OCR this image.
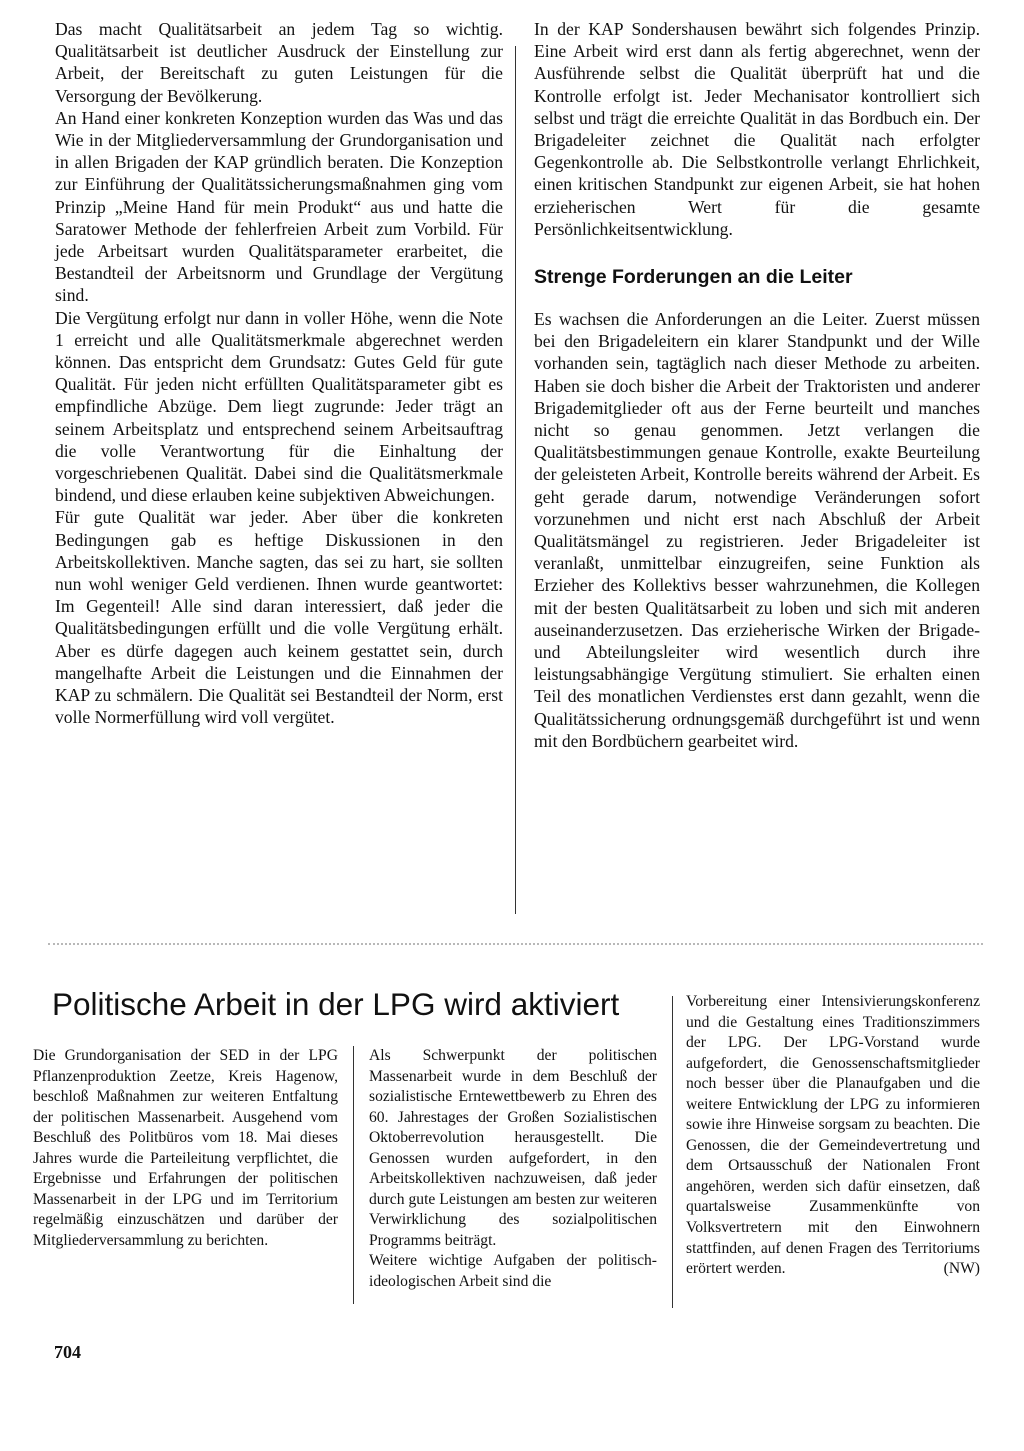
Das macht Qualitätsarbeit an jedem Tag so wichtig. Qualitätsarbeit ist deutlicher Ausdruck der Einstellung zur Arbeit, der Bereitschaft zu guten Leistungen für die Versorgung der Bevölkerung.

An Hand einer konkreten Konzeption wurden das Was und das Wie in der Mitgliederversammlung der Grundorganisation und in allen Brigaden der KAP gründlich beraten. Die Konzeption zur Einführung der Qualitätssicherungsmaßnahmen ging vom Prinzip „Meine Hand für mein Produkt“ aus und hatte die Saratower Methode der fehlerfreien Arbeit zum Vorbild. Für jede Arbeitsart wurden Qualitätsparameter erarbeitet, die Bestandteil der Arbeitsnorm und Grundlage der Vergütung sind.

Die Vergütung erfolgt nur dann in voller Höhe, wenn die Note 1 erreicht und alle Qualitätsmerkmale abgerechnet werden können. Das entspricht dem Grundsatz: Gutes Geld für gute Qualität. Für jeden nicht erfüllten Qualitätsparameter gibt es empfindliche Abzüge. Dem liegt zugrunde: Jeder trägt an seinem Arbeitsplatz und entsprechend seinem Arbeitsauftrag die volle Verantwortung für die Einhaltung der vorgeschriebenen Qualität. Dabei sind die Qualitätsmerkmale bindend, und diese erlauben keine subjektiven Abweichungen.

Für gute Qualität war jeder. Aber über die konkreten Bedingungen gab es heftige Diskussionen in den Arbeitskollektiven. Manche sagten, das sei zu hart, sie sollten nun wohl weniger Geld verdienen. Ihnen wurde geantwortet: Im Gegenteil! Alle sind daran interessiert, daß jeder die Qualitätsbedingungen erfüllt und die volle Vergütung erhält. Aber es dürfe dagegen auch keinem gestattet sein, durch mangelhafte Arbeit die Leistungen und die Einnahmen der KAP zu schmälern. Die Qualität sei Bestandteil der Norm, erst volle Normerfüllung wird voll vergütet.

In der KAP Sondershausen bewährt sich folgendes Prinzip. Eine Arbeit wird erst dann als fertig abgerechnet, wenn der Ausführende selbst die Qualität überprüft hat und die Kontrolle erfolgt ist. Jeder Mechanisator kontrolliert sich selbst und trägt die erreichte Qualität in das Bordbuch ein. Der Brigadeleiter zeichnet die Qualität nach erfolgter Gegenkontrolle ab. Die Selbstkontrolle verlangt Ehrlichkeit, einen kritischen Standpunkt zur eigenen Arbeit, sie hat hohen erzieherischen Wert für die gesamte Persönlichkeitsentwicklung.

Strenge Forderungen an die Leiter

Es wachsen die Anforderungen an die Leiter. Zuerst müssen bei den Brigadeleitern ein klarer Standpunkt und der Wille vorhanden sein, tagtäglich nach dieser Methode zu arbeiten. Haben sie doch bisher die Arbeit der Traktoristen und anderer Brigademitglieder oft aus der Ferne beurteilt und manches nicht so genau genommen. Jetzt verlangen die Qualitätsbestimmungen genaue Kontrolle, exakte Beurteilung der geleisteten Arbeit, Kontrolle bereits während der Arbeit. Es geht gerade darum, notwendige Veränderungen sofort vorzunehmen und nicht erst nach Abschluß der Arbeit Qualitätsmängel zu registrieren. Jeder Brigadeleiter ist veranlaßt, unmittelbar einzugreifen, seine Funktion als Erzieher des Kollektivs besser wahrzunehmen, die Kollegen mit der besten Qualitätsarbeit zu loben und sich mit anderen auseinanderzusetzen. Das erzieherische Wirken der Brigade- und Abteilungsleiter wird wesentlich durch ihre leistungsabhängige Vergütung stimuliert. Sie erhalten einen Teil des monatlichen Verdienstes erst dann gezahlt, wenn die Qualitätssicherung ordnungsgemäß durchgeführt ist und wenn mit den Bordbüchern gearbeitet wird.

Politische Arbeit in der LPG wird aktiviert

Die Grundorganisation der SED in der LPG Pflanzenproduktion Zeetze, Kreis Hagenow, beschloß Maßnahmen zur weiteren Entfaltung der politischen Massenarbeit. Ausgehend vom Beschluß des Politbüros vom 18. Mai dieses Jahres wurde die Parteileitung verpflichtet, die Ergebnisse und Erfahrungen der politischen Massenarbeit in der LPG und im Territorium regelmäßig einzuschätzen und darüber der Mitgliederversammlung zu berichten.

Als Schwerpunkt der politischen Massenarbeit wurde in dem Beschluß der sozialistische Erntewettbewerb zu Ehren des 60. Jahrestages der Großen Sozialistischen Oktoberrevolution herausgestellt. Die Genossen wurden aufgefordert, in den Arbeitskollektiven nachzuweisen, daß jeder durch gute Leistungen am besten zur weiteren Verwirklichung des sozialpolitischen Programms beiträgt.

Weitere wichtige Aufgaben der politisch-ideologischen Arbeit sind die

Vorbereitung einer Intensivierungskonferenz und die Gestaltung eines Traditionszimmers der LPG. Der LPG-Vorstand wurde aufgefordert, die Genossenschaftsmitglieder noch besser über die Planaufgaben und die weitere Entwicklung der LPG zu informieren sowie ihre Hinweise sorgsam zu beachten. Die Genossen, die der Gemeindevertretung und dem Ortsausschuß der Nationalen Front angehören, werden sich dafür einsetzen, daß quartalsweise Zusammenkünfte von Volksvertretern mit den Einwohnern stattfinden, auf denen Fragen des Territoriums erörtert werden.	(NW)

704
